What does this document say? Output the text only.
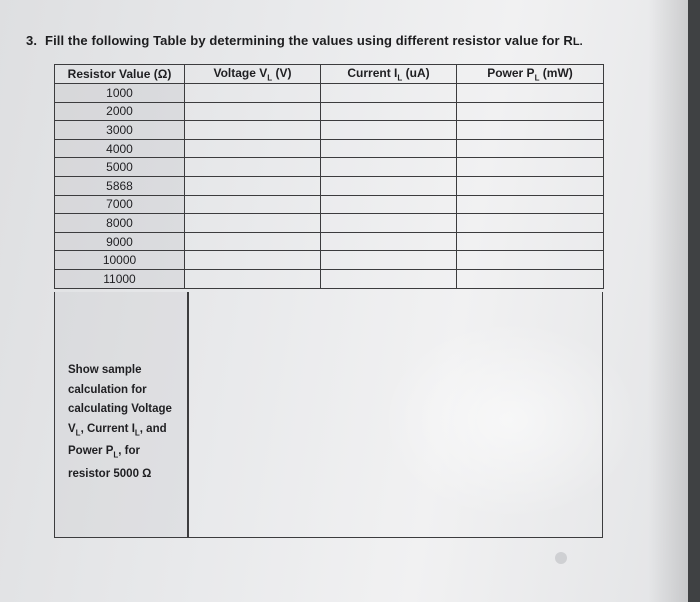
3. Fill the following Table by determining the values using different resistor value for RL.
Resistor Value (Ω)	Voltage $V_L$ (V)	Current $I_L$ (uA)	Power $P_L$ (mW)
1000			
2000			
3000			
4000			
5000			
5868			
7000			
8000			
9000			
10000			
11000			
Show sample
calculation for
calculating Voltage
$V_L$, Current $I_L$, and
Power $P_L$, for
resistor 5000 Ω
